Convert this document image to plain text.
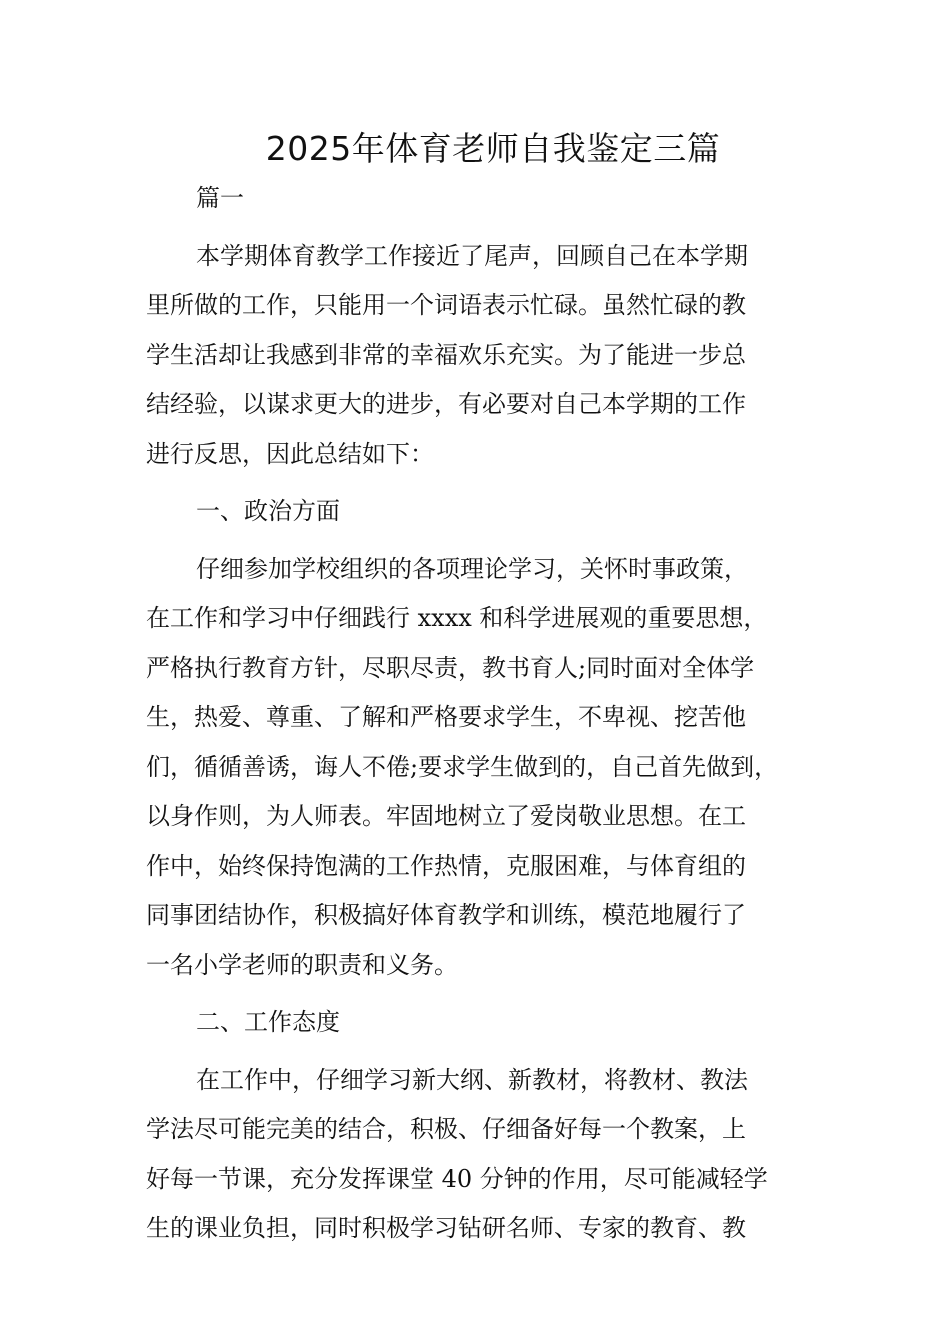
2025年体育老师自我鉴定三篇

篇一

本学期体育教学工作接近了尾声，回顾自己在本学期
里所做的工作，只能用一个词语表示忙碌。虽然忙碌的教
学生活却让我感到非常的幸福欢乐充实。为了能进一步总
结经验，以谋求更大的进步，有必要对自己本学期的工作
进行反思，因此总结如下：

一、政治方面

仔细参加学校组织的各项理论学习，关怀时事政策，
在工作和学习中仔细践行 xxxx 和科学进展观的重要思想，
严格执行教育方针，尽职尽责，教书育人;同时面对全体学
生，热爱、尊重、了解和严格要求学生，不卑视、挖苦他
们，循循善诱，诲人不倦;要求学生做到的，自己首先做到，
以身作则，为人师表。牢固地树立了爱岗敬业思想。在工
作中，始终保持饱满的工作热情，克服困难，与体育组的
同事团结协作，积极搞好体育教学和训练，模范地履行了
一名小学老师的职责和义务。

二、工作态度

在工作中，仔细学习新大纲、新教材，将教材、教法
学法尽可能完美的结合，积极、仔细备好每一个教案，上
好每一节课，充分发挥课堂 40 分钟的作用，尽可能减轻学
生的课业负担，同时积极学习钻研名师、专家的教育、教
